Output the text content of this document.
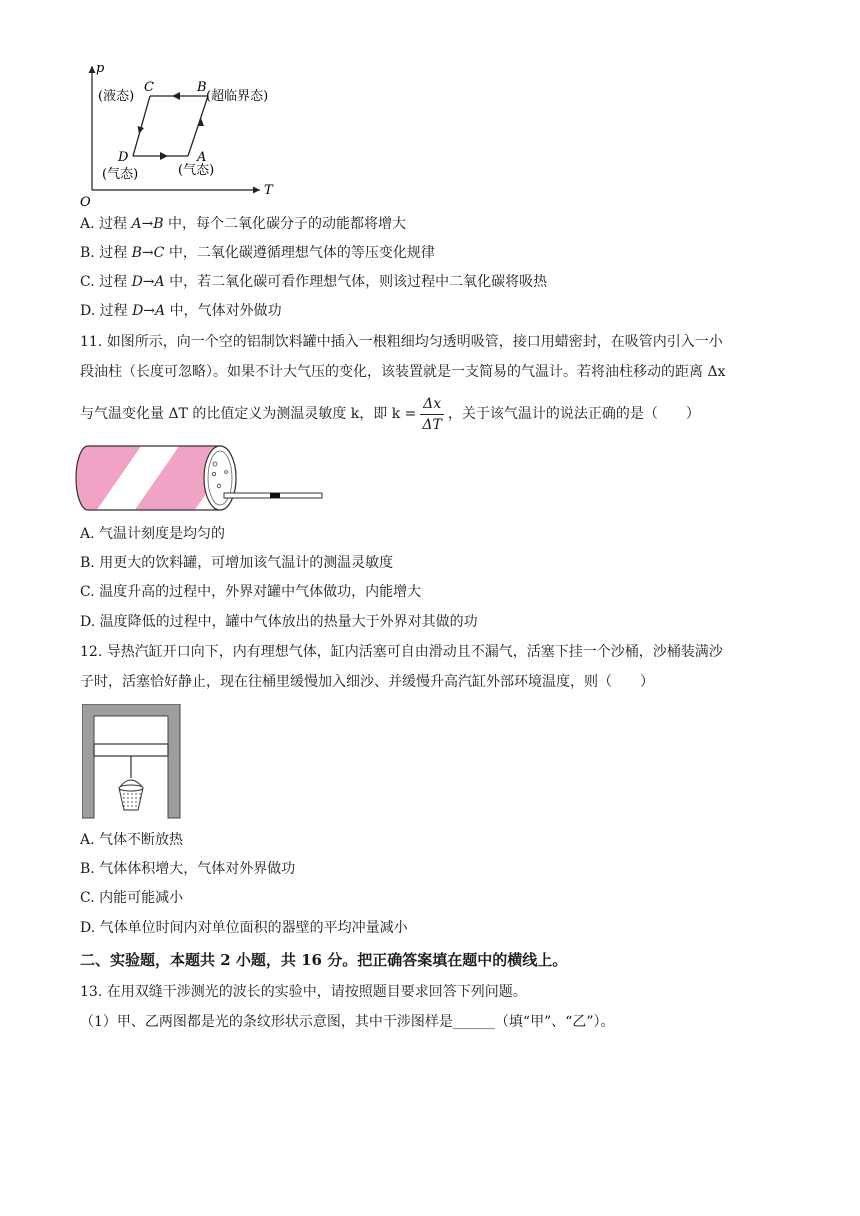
p
T
O
C	B
D	A
(液态)	(超临界态)
(气态)	(气态)
A. 过程 A→B 中，每个二氧化碳分子的动能都将增大
B. 过程 B→C 中，二氧化碳遵循理想气体的等压变化规律
C. 过程 D→A 中，若二氧化碳可看作理想气体，则该过程中二氧化碳将吸热
D. 过程 D→A 中，气体对外做功
11. 如图所示，向一个空的铝制饮料罐中插入一根粗细均匀透明吸管，接口用蜡密封，在吸管内引入一小
段油柱（长度可忽略）。如果不计大气压的变化，该装置就是一支简易的气温计。若将油柱移动的距离 Δx
与气温变化量 ΔT 的比值定义为测温灵敏度 k，即 $k = \frac{\Delta x}{\Delta T}$ ，关于该气温计的说法正确的是（　　）
A. 气温计刻度是均匀的
B. 用更大的饮料罐，可增加该气温计的测温灵敏度
C. 温度升高的过程中，外界对罐中气体做功，内能增大
D. 温度降低的过程中，罐中气体放出的热量大于外界对其做的功
12. 导热汽缸开口向下，内有理想气体，缸内活塞可自由滑动且不漏气，活塞下挂一个沙桶，沙桶装满沙
子时，活塞恰好静止，现在往桶里缓慢加入细沙、并缓慢升高汽缸外部环境温度，则（　　）
A. 气体不断放热
B. 气体体积增大，气体对外界做功
C. 内能可能减小
D. 气体单位时间内对单位面积的器壁的平均冲量减小
二、实验题，本题共 2 小题，共 16 分。把正确答案填在题中的横线上。
13. 在用双缝干涉测光的波长的实验中，请按照题目要求回答下列问题。
（1）甲、乙两图都是光的条纹形状示意图，其中干涉图样是______（填“甲”、“乙”）。
